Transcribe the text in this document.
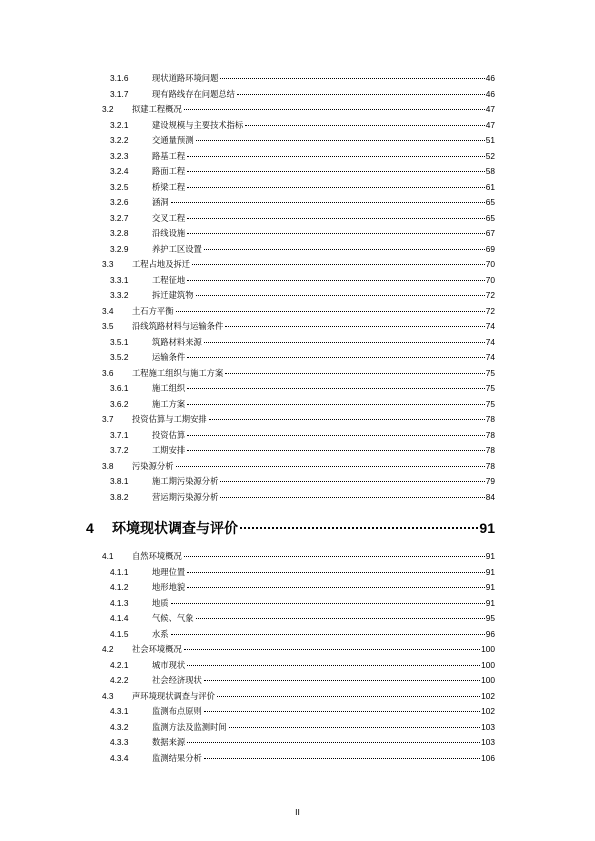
3.1.6	现状道路环境问题	46
3.1.7	现有路线存在问题总结	46
3.2	拟建工程概况	47
3.2.1	建设规模与主要技术指标	47
3.2.2	交通量预测	51
3.2.3	路基工程	52
3.2.4	路面工程	58
3.2.5	桥梁工程	61
3.2.6	涵洞	65
3.2.7	交叉工程	65
3.2.8	沿线设施	67
3.2.9	养护工区设置	69
3.3	工程占地及拆迁	70
3.3.1	工程征地	70
3.3.2	拆迁建筑物	72
3.4	土石方平衡	72
3.5	沿线筑路材料与运输条件	74
3.5.1	筑路材料来源	74
3.5.2	运输条件	74
3.6	工程施工组织与施工方案	75
3.6.1	施工组织	75
3.6.2	施工方案	75
3.7	投资估算与工期安排	78
3.7.1	投资估算	78
3.7.2	工期安排	78
3.8	污染源分析	78
3.8.1	施工期污染源分析	79
3.8.2	营运期污染源分析	84
4	环境现状调查与评价	91
4.1	自然环境概况	91
4.1.1	地理位置	91
4.1.2	地形地貌	91
4.1.3	地质	91
4.1.4	气候、气象	95
4.1.5	水系	96
4.2	社会环境概况	100
4.2.1	城市现状	100
4.2.2	社会经济现状	100
4.3	声环境现状调查与评价	102
4.3.1	监测布点原则	102
4.3.2	监测方法及监测时间	103
4.3.3	数据来源	103
4.3.4	监测结果分析	106
II
